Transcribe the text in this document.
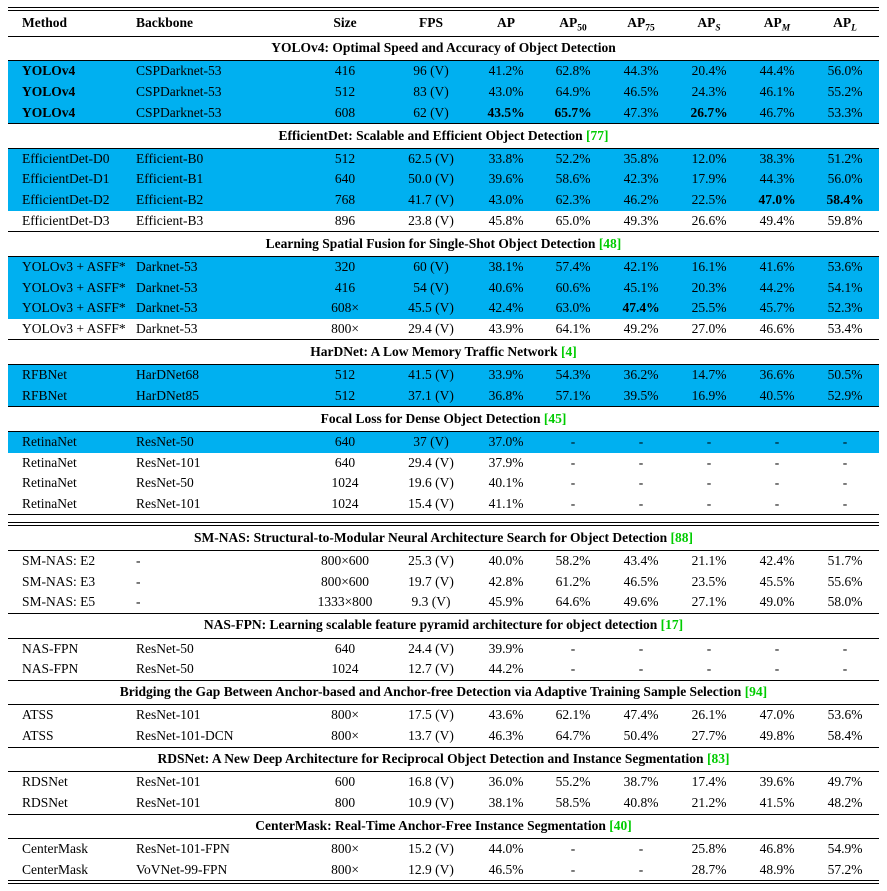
Method	Backbone	Size	FPS	AP	$AP_{50}$	$AP_{75}$	$AP_S$	$AP_M$	$AP_L$
YOLOv4: Optimal Speed and Accuracy of Object Detection									
YOLOv4	CSPDarknet-53	416	96 (V)	41.2%	62.8%	44.3%	20.4%	44.4%	56.0%
YOLOv4	CSPDarknet-53	512	83 (V)	43.0%	64.9%	46.5%	24.3%	46.1%	55.2%
YOLOv4	CSPDarknet-53	608	62 (V)	43.5%	65.7%	47.3%	26.7%	46.7%	53.3%
EfficientDet: Scalable and Efficient Object Detection [77]									
EfficientDet-D0	Efficient-B0	512	62.5 (V)	33.8%	52.2%	35.8%	12.0%	38.3%	51.2%
EfficientDet-D1	Efficient-B1	640	50.0 (V)	39.6%	58.6%	42.3%	17.9%	44.3%	56.0%
EfficientDet-D2	Efficient-B2	768	41.7 (V)	43.0%	62.3%	46.2%	22.5%	47.0%	58.4%
EfficientDet-D3	Efficient-B3	896	23.8 (V)	45.8%	65.0%	49.3%	26.6%	49.4%	59.8%
Learning Spatial Fusion for Single-Shot Object Detection [48]									
YOLOv3 + ASFF*	Darknet-53	320	60 (V)	38.1%	57.4%	42.1%	16.1%	41.6%	53.6%
YOLOv3 + ASFF*	Darknet-53	416	54 (V)	40.6%	60.6%	45.1%	20.3%	44.2%	54.1%
YOLOv3 + ASFF*	Darknet-53	608×	45.5 (V)	42.4%	63.0%	47.4%	25.5%	45.7%	52.3%
YOLOv3 + ASFF*	Darknet-53	800×	29.4 (V)	43.9%	64.1%	49.2%	27.0%	46.6%	53.4%
HarDNet: A Low Memory Traffic Network [4]									
RFBNet	HarDNet68	512	41.5 (V)	33.9%	54.3%	36.2%	14.7%	36.6%	50.5%
RFBNet	HarDNet85	512	37.1 (V)	36.8%	57.1%	39.5%	16.9%	40.5%	52.9%
Focal Loss for Dense Object Detection [45]									
RetinaNet	ResNet-50	640	37 (V)	37.0%	-	-	-	-	-
RetinaNet	ResNet-101	640	29.4 (V)	37.9%	-	-	-	-	-
RetinaNet	ResNet-50	1024	19.6 (V)	40.1%	-	-	-	-	-
RetinaNet	ResNet-101	1024	15.4 (V)	41.1%	-	-	-	-	-

SM-NAS: Structural-to-Modular Neural Architecture Search for Object Detection [88]									
SM-NAS: E2	-	800×600	25.3 (V)	40.0%	58.2%	43.4%	21.1%	42.4%	51.7%
SM-NAS: E3	-	800×600	19.7 (V)	42.8%	61.2%	46.5%	23.5%	45.5%	55.6%
SM-NAS: E5	-	1333×800	9.3 (V)	45.9%	64.6%	49.6%	27.1%	49.0%	58.0%
NAS-FPN: Learning scalable feature pyramid architecture for object detection [17]									
NAS-FPN	ResNet-50	640	24.4 (V)	39.9%	-	-	-	-	-
NAS-FPN	ResNet-50	1024	12.7 (V)	44.2%	-	-	-	-	-
Bridging the Gap Between Anchor-based and Anchor-free Detection via Adaptive Training Sample Selection [94]									
ATSS	ResNet-101	800×	17.5 (V)	43.6%	62.1%	47.4%	26.1%	47.0%	53.6%
ATSS	ResNet-101-DCN	800×	13.7 (V)	46.3%	64.7%	50.4%	27.7%	49.8%	58.4%
RDSNet: A New Deep Architecture for Reciprocal Object Detection and Instance Segmentation [83]									
RDSNet	ResNet-101	600	16.8 (V)	36.0%	55.2%	38.7%	17.4%	39.6%	49.7%
RDSNet	ResNet-101	800	10.9 (V)	38.1%	58.5%	40.8%	21.2%	41.5%	48.2%
CenterMask: Real-Time Anchor-Free Instance Segmentation [40]									
CenterMask	ResNet-101-FPN	800×	15.2 (V)	44.0%	-	-	25.8%	46.8%	54.9%
CenterMask	VoVNet-99-FPN	800×	12.9 (V)	46.5%	-	-	28.7%	48.9%	57.2%
